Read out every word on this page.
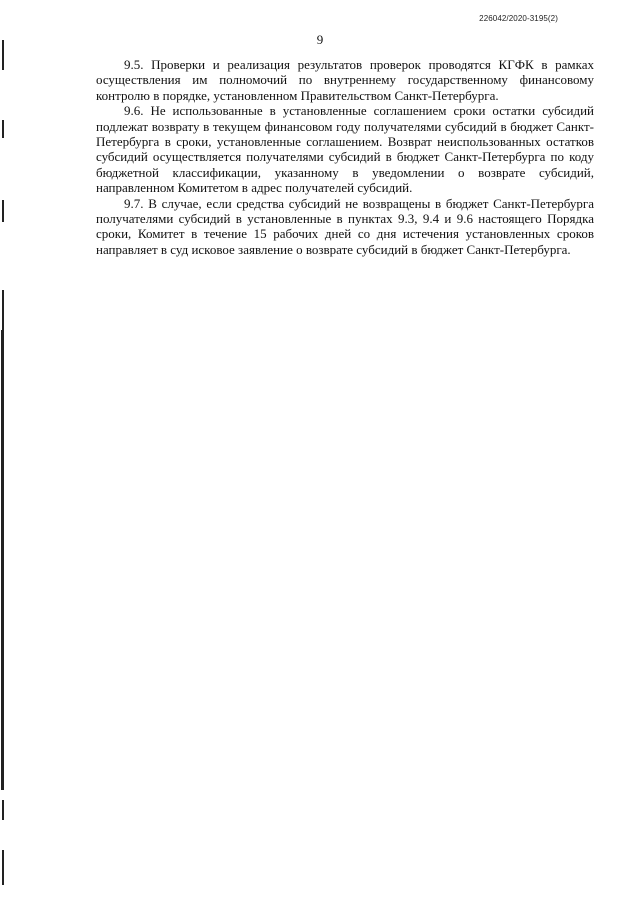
226042/2020-3195(2)
9

9.5. Проверки и реализация результатов проверок проводятся КГФК в рамках осуществления им полномочий по внутреннему государственному финансовому контролю в порядке, установленном Правительством Санкт-Петербурга.

9.6. Не использованные в установленные соглашением сроки остатки субсидий подлежат возврату в текущем финансовом году получателями субсидий в бюджет Санкт-Петербурга в сроки, установленные соглашением. Возврат неиспользованных остатков субсидий осуществляется получателями субсидий в бюджет Санкт-Петербурга по коду бюджетной классификации, указанному в уведомлении о возврате субсидий, направленном Комитетом в адрес получателей субсидий.

9.7. В случае, если средства субсидий не возвращены в бюджет Санкт-Петербурга получателями субсидий в установленные в пунктах 9.3, 9.4 и 9.6 настоящего Порядка сроки, Комитет в течение 15 рабочих дней со дня истечения установленных сроков направляет в суд исковое заявление о возврате субсидий в бюджет Санкт-Петербурга.
